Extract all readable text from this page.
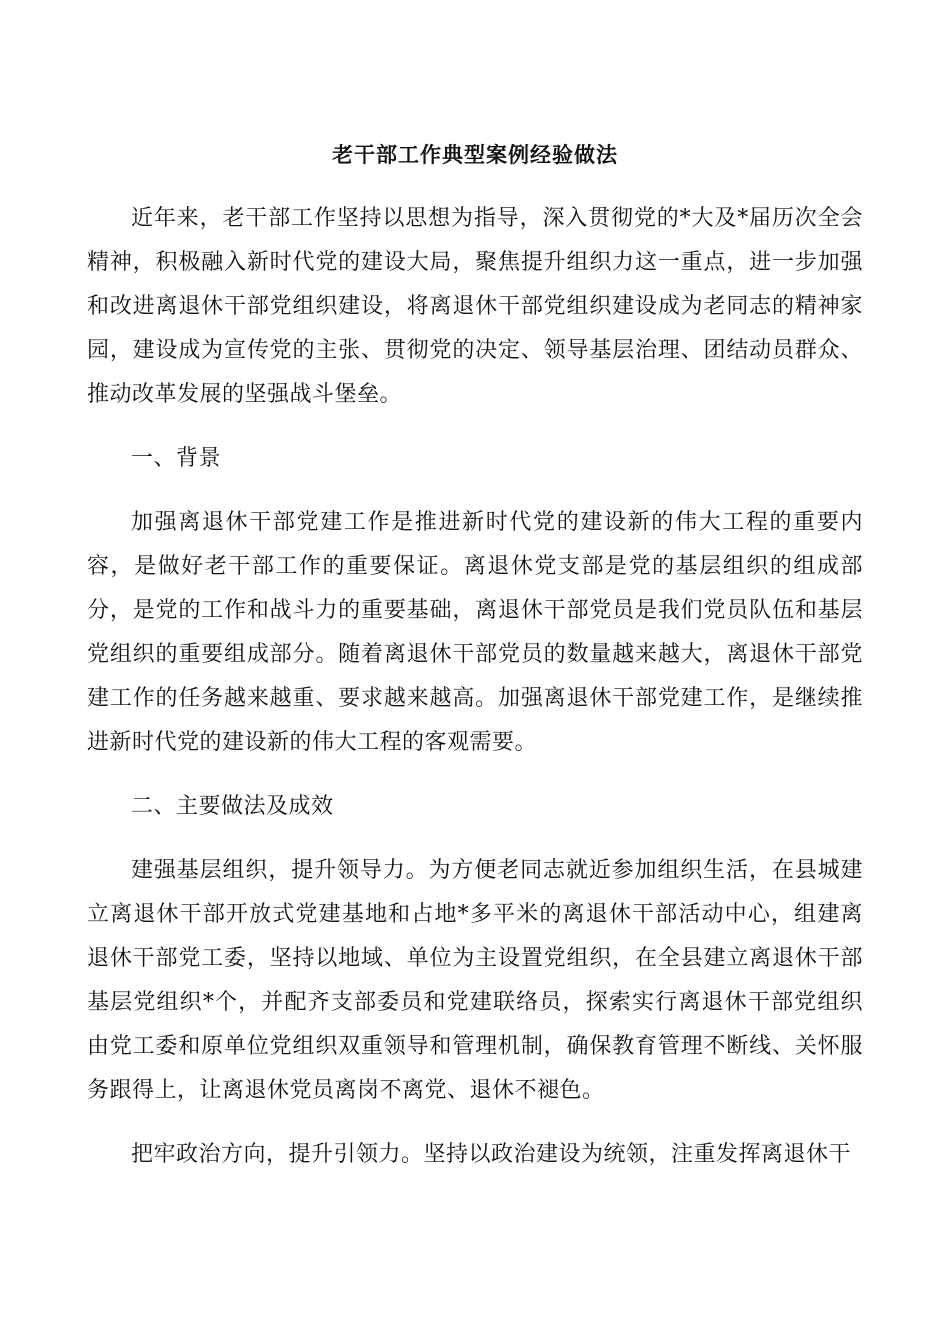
老干部工作典型案例经验做法

近年来，老干部工作坚持以思想为指导，深入贯彻党的*大及*届历次全会精神，积极融入新时代党的建设大局，聚焦提升组织力这一重点，进一步加强和改进离退休干部党组织建设，将离退休干部党组织建设成为老同志的精神家园，建设成为宣传党的主张、贯彻党的决定、领导基层治理、团结动员群众、推动改革发展的坚强战斗堡垒。

一、背景

加强离退休干部党建工作是推进新时代党的建设新的伟大工程的重要内容，是做好老干部工作的重要保证。离退休党支部是党的基层组织的组成部分，是党的工作和战斗力的重要基础，离退休干部党员是我们党员队伍和基层党组织的重要组成部分。随着离退休干部党员的数量越来越大，离退休干部党建工作的任务越来越重、要求越来越高。加强离退休干部党建工作，是继续推进新时代党的建设新的伟大工程的客观需要。

二、主要做法及成效

建强基层组织，提升领导力。为方便老同志就近参加组织生活，在县城建立离退休干部开放式党建基地和占地*多平米的离退休干部活动中心，组建离退休干部党工委，坚持以地域、单位为主设置党组织，在全县建立离退休干部基层党组织*个，并配齐支部委员和党建联络员，探索实行离退休干部党组织由党工委和原单位党组织双重领导和管理机制，确保教育管理不断线、关怀服务跟得上，让离退休党员离岗不离党、退休不褪色。

把牢政治方向，提升引领力。坚持以政治建设为统领，注重发挥离退休干
